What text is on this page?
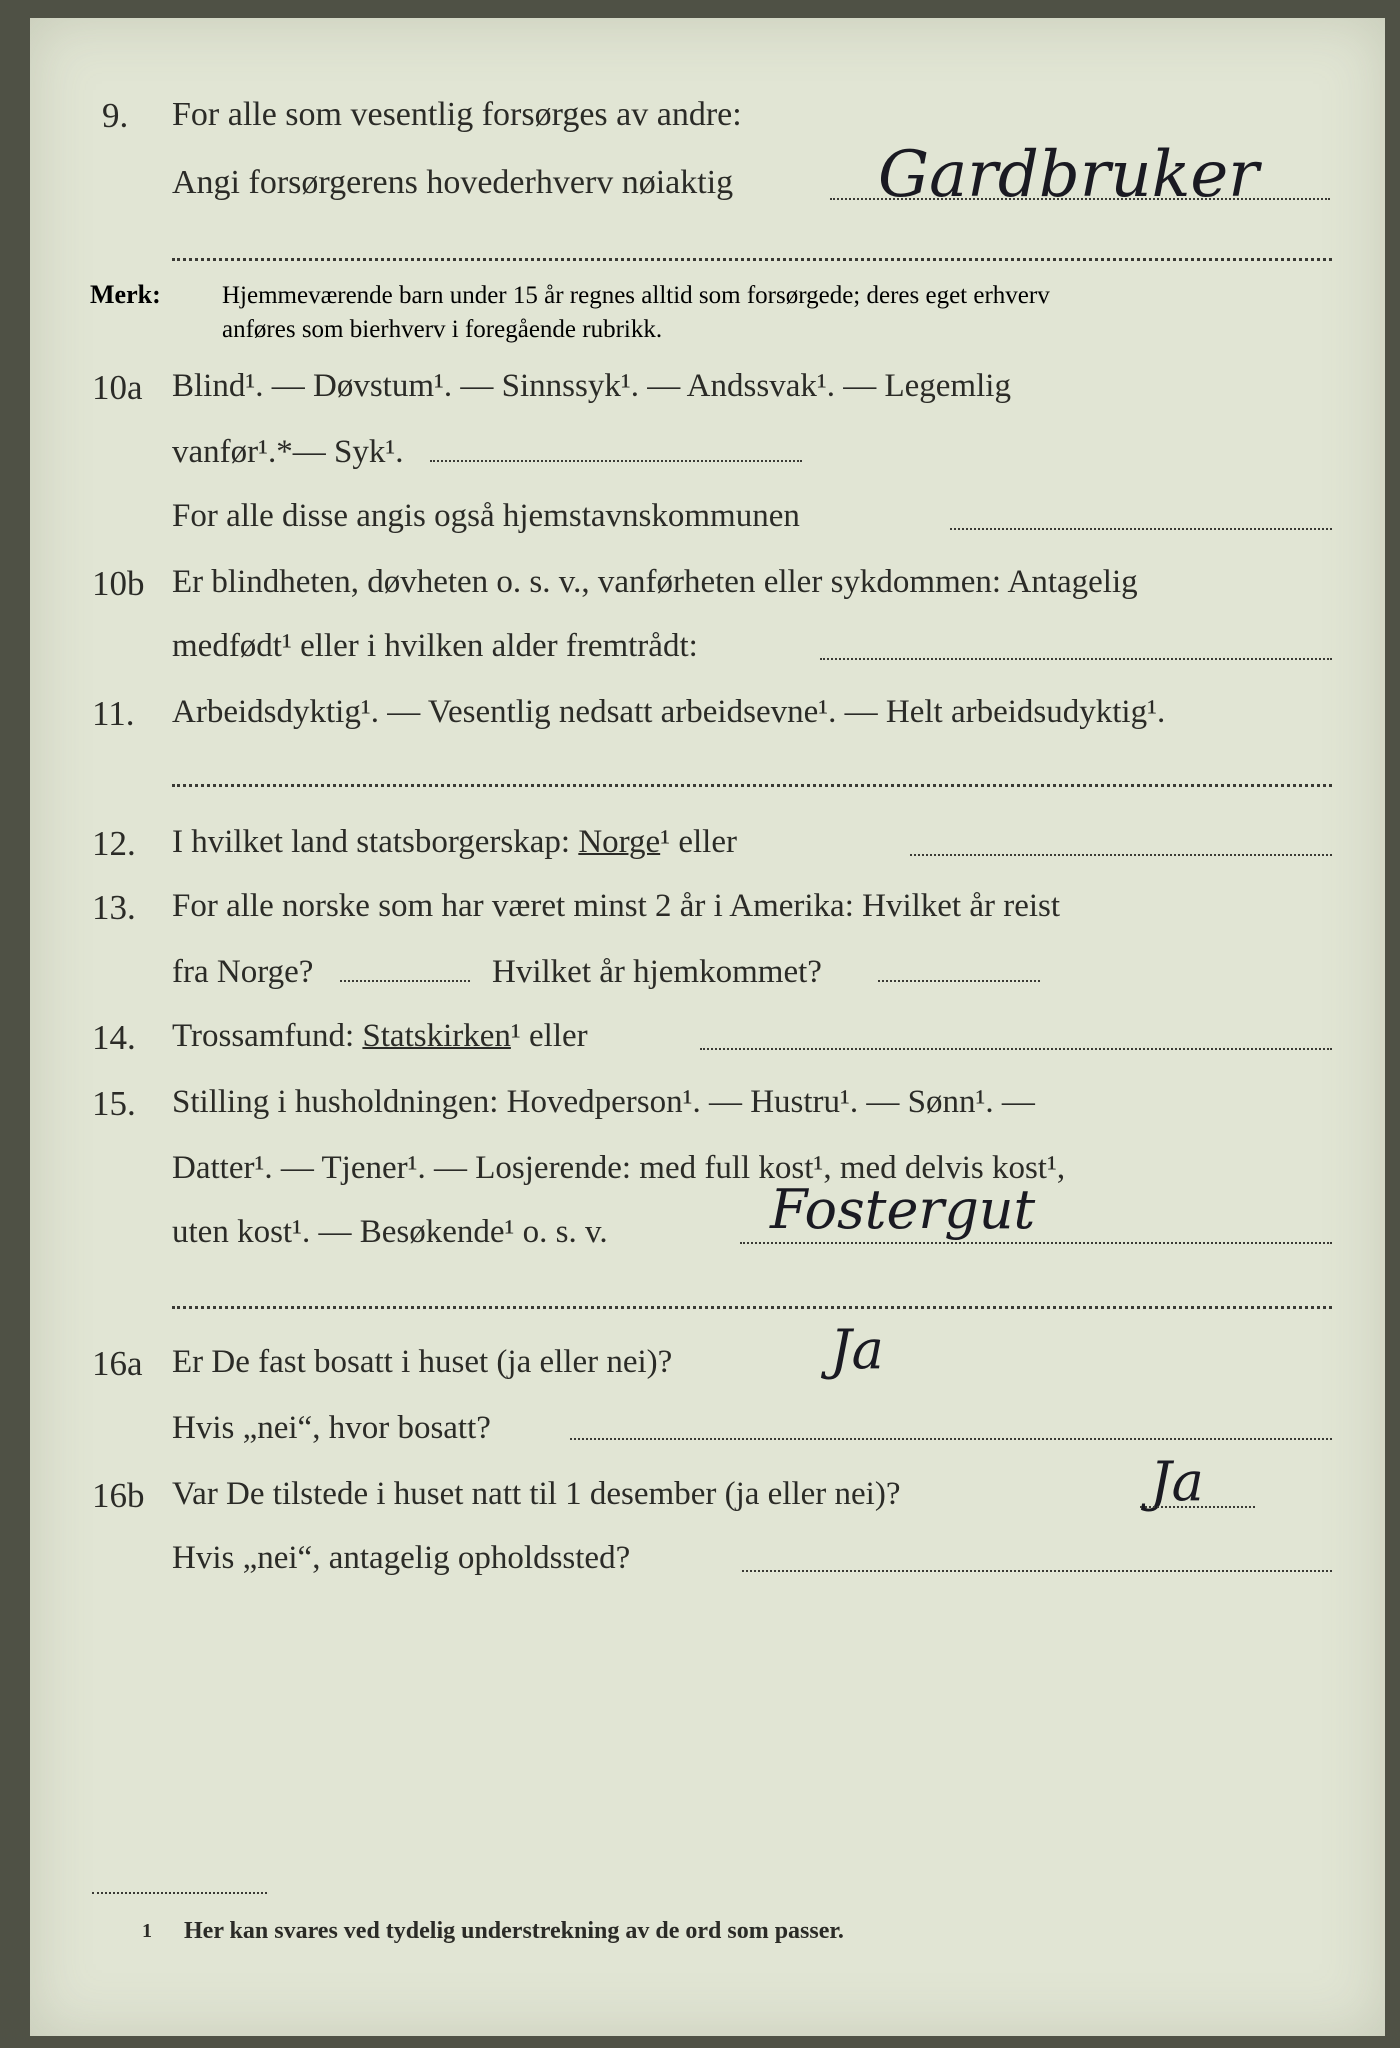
9. For alle som vesentlig forsørges av andre:
Angi forsørgerens hovederhverv nøiaktig Gardbruker
Merk: Hjemmeværende barn under 15 år regnes alltid som forsørgede; deres eget erhverv
anføres som bierhverv i foregående rubrikk.
10a Blind¹. — Døvstum¹. — Sinnssyk¹. — Andssvak¹. — Legemlig
vanfør¹.*— Syk¹.
For alle disse angis også hjemstavnskommunen
10b Er blindheten, døvheten o. s. v., vanførheten eller sykdommen: Antagelig
medfødt¹ eller i hvilken alder fremtrådt:
11. Arbeidsdyktig¹. — Vesentlig nedsatt arbeidsevne¹. — Helt arbeidsudyktig¹.
12. I hvilket land statsborgerskap: Norge¹ eller
13. For alle norske som har været minst 2 år i Amerika: Hvilket år reist
fra Norge?	Hvilket år hjemkommet?
14. Trossamfund: Statskirken¹ eller
15. Stilling i husholdningen: Hovedperson¹. — Hustru¹. — Sønn¹. —
Datter¹. — Tjener¹. — Losjerende: med full kost¹, med delvis kost¹,
uten kost¹. — Besøkende¹ o. s. v.	Fostergut
16a Er De fast bosatt i huset (ja eller nei)?	Ja
Hvis „nei“, hvor bosatt?
16b Var De tilstede i huset natt til 1 desember (ja eller nei)?	Ja
Hvis „nei“, antagelig opholdssted?
1 Her kan svares ved tydelig understrekning av de ord som passer.
